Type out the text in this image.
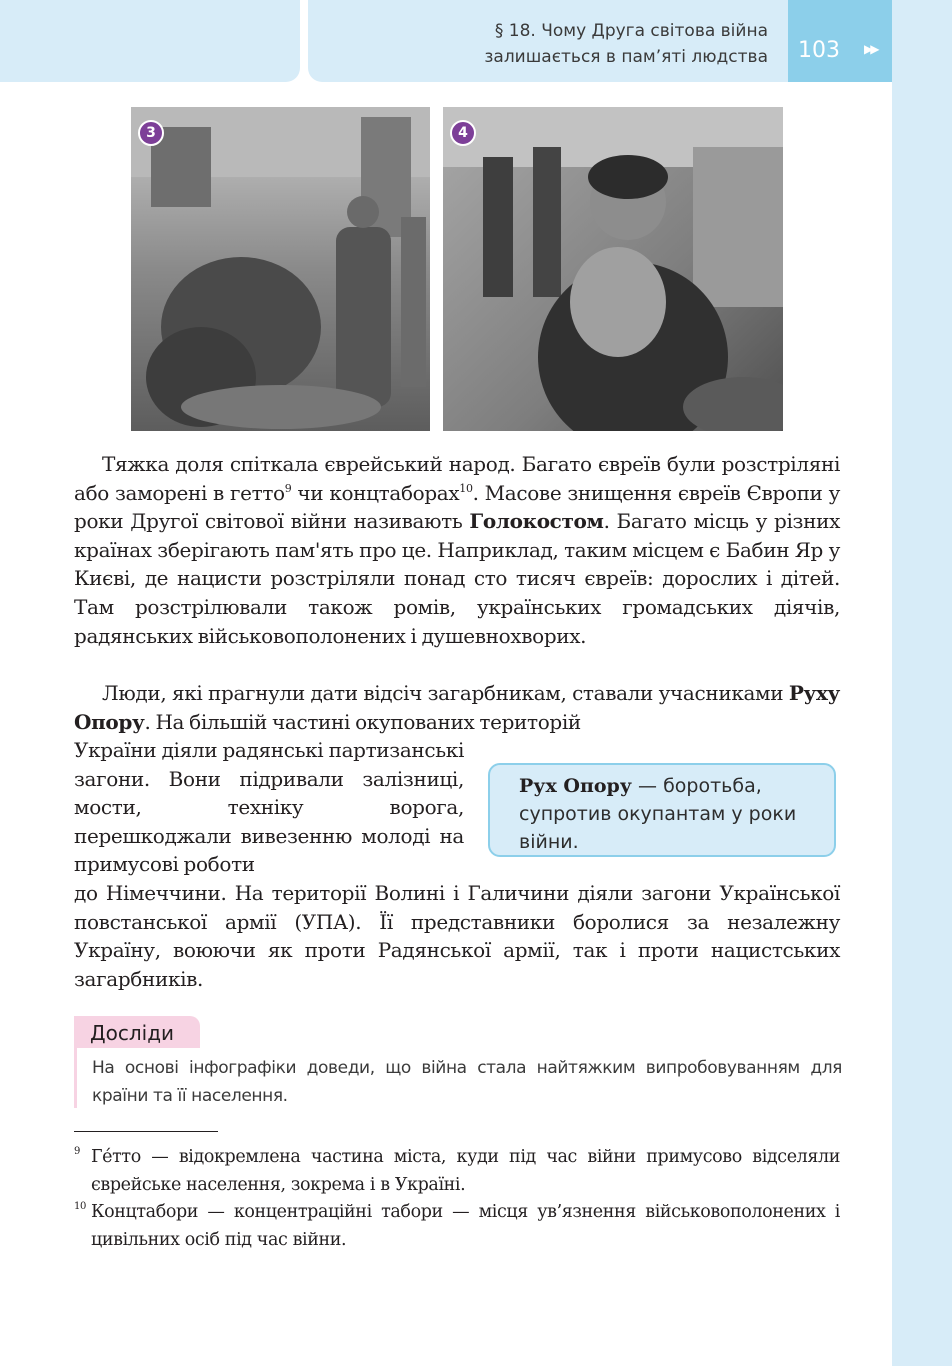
§ 18. Чому Друга світова війна
залишається в пам’яті людства 103	▶▶
3	4

Тяжка доля спіткала єврейський народ. Багато євреїв були розстріляні або заморені в гетто$^9$ чи концтаборах$^{10}$. Масове знищення євреїв Європи у роки Другої світової війни називають Голокостом. Багато місць у різних країнах зберігають пам'ять про це. Наприклад, таким місцем є Бабин Яр у Києві, де нацисти розстріляли понад сто тисяч євреїв: дорослих і дітей. Там розстрілювали також ромів, українських громадських діячів, радянських військовополонених і душевнохворих.

Люди, які прагнули дати відсіч загарбникам, ставали учасниками Руху Опору. На більшій частині окупованих територій

України діяли радянські партизанські загони. Вони підривали залізниці, мости, техніку ворога, перешкоджали вивезенню молоді на примусові роботи
до Німеччини. На території Волині і Галичини діяли загони Української повстанської армії (УПА). Її представники боролися за незалежну Україну, воюючи як проти Радянської армії, так і проти нацистських загарбників.
Рух Опору — боротьба, супротив окупантам у роки війни.
Досліди
На основі інфографіки доведи, що війна стала найтяжким випробовуванням для країни та її населення.
9 Ге́тто — відокремлена частина міста, куди під час війни примусово відселяли єврейське населення, зокрема і в Україні.
10 Концтабори — концентраційні табори — місця ув’язнення військовополонених і цивільних осіб під час війни.
